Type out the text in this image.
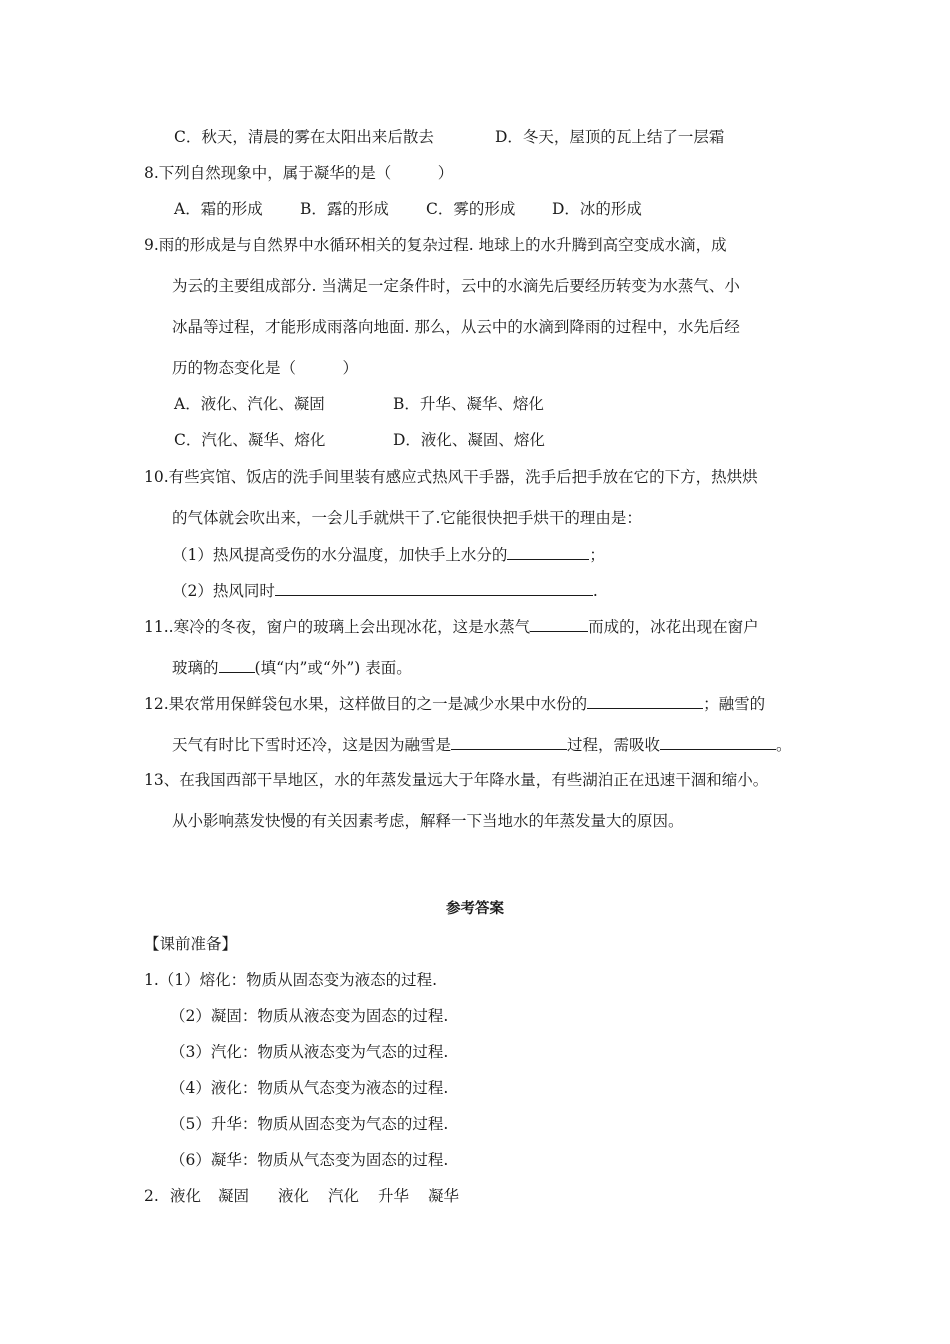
C．秋天，清晨的雾在太阳出来后散去	D．冬天，屋顶的瓦上结了一层霜
8.下列自然现象中，属于凝华的是（　　　）
A．霜的形成 B．露的形成 C．雾的形成 D．冰的形成
9.雨的形成是与自然界中水循环相关的复杂过程. 地球上的水升腾到高空变成水滴，成
为云的主要组成部分. 当满足一定条件时，云中的水滴先后要经历转变为水蒸气、小
冰晶等过程，才能形成雨落向地面. 那么，从云中的水滴到降雨的过程中，水先后经
历的物态变化是（　　　）
A．液化、汽化、凝固	B．升华、凝华、熔化
C．汽化、凝华、熔化	D．液化、凝固、熔化
10.有些宾馆、饭店的洗手间里装有感应式热风干手器，洗手后把手放在它的下方，热烘烘
的气体就会吹出来，一会儿手就烘干了.它能很快把手烘干的理由是：
（1）热风提高受伤的水分温度，加快手上水分的	；
（2）热风同时	.
11..寒冷的冬夜，窗户的玻璃上会出现冰花，这是水蒸气	而成的，冰花出现在窗户
玻璃的 (填“内”或“外”) 表面。
12.果农常用保鲜袋包水果，这样做目的之一是减少水果中水份的	；融雪的
天气有时比下雪时还冷，这是因为融雪是	过程，需吸收	。
13、在我国西部干旱地区，水的年蒸发量远大于年降水量，有些湖泊正在迅速干涸和缩小。
从小影响蒸发快慢的有关因素考虑，解释一下当地水的年蒸发量大的原因。
参考答案
【课前准备】
1.（1）熔化：物质从固态变为液态的过程.
（2）凝固：物质从液态变为固态的过程.
（3）汽化：物质从液态变为气态的过程.
（4）液化：物质从气态变为液态的过程.
（5）升华：物质从固态变为气态的过程.
（6）凝华：物质从气态变为固态的过程.
2. 液化 凝固 液化 汽化 升华 凝华
